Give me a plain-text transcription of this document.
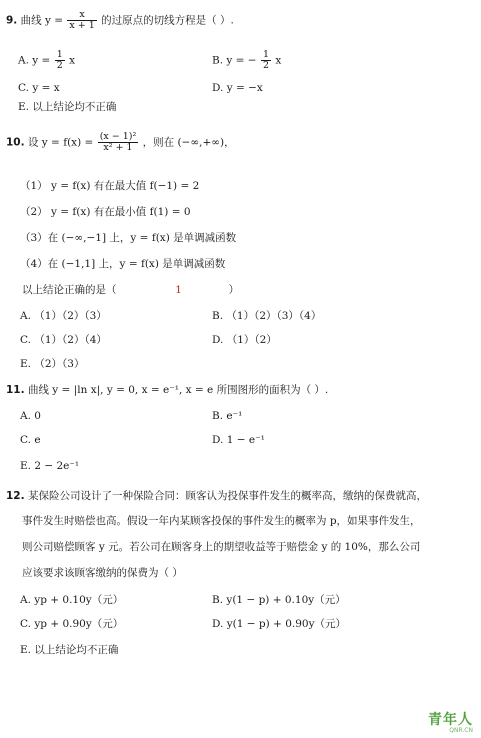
9. 曲线 $y = \frac{x}{x + 1}$ 的过原点的切线方程是（ ）.
A. $y = \frac{1}{2}$ x	B. y = − $\frac{1}{2}$ x
C. y = x	D. y = −x
E. 以上结论均不正确
10. 设 $y = f(x) = \frac{\text{(x − 1)²}}{\text{x² + 1}}$ ，则在 (−∞,+∞)，
（1） y = f(x) 有在最大值 f(−1) = 2
（2） y = f(x) 有在最小值 f(1) = 0
（3）在 (−∞,−1] 上，y = f(x) 是单调减函数
（4）在 (−1,1] 上，y = f(x) 是单调减函数
以上结论正确的是（	1	）
A. （1）（2）（3）	B. （1）（2）（3）（4）
C. （1）（2）（4）	D. （1）（2）
E. （2）（3）
11. 曲线 y = |ln x|, y = 0, x = e⁻¹, x = e 所围图形的面积为（ ）.
A. 0	B. e⁻¹
C. e	D. 1 − e⁻¹
E. 2 − 2e⁻¹
12. 某保险公司设计了一种保险合同：顾客认为投保事件发生的概率高，缴纳的保费就高，
事件发生时赔偿也高。假设一年内某顾客投保的事件发生的概率为 p，如果事件发生，
则公司赔偿顾客 y 元。若公司在顾客身上的期望收益等于赔偿金 y 的 10%，那么公司
应该要求该顾客缴纳的保费为（ ）
A. yp + 0.10y（元）	B. y(1 − p) + 0.10y（元）
C. yp + 0.90y（元）	D. y(1 − p) + 0.90y（元）
E. 以上结论均不正确
青年人
QNR.CN
